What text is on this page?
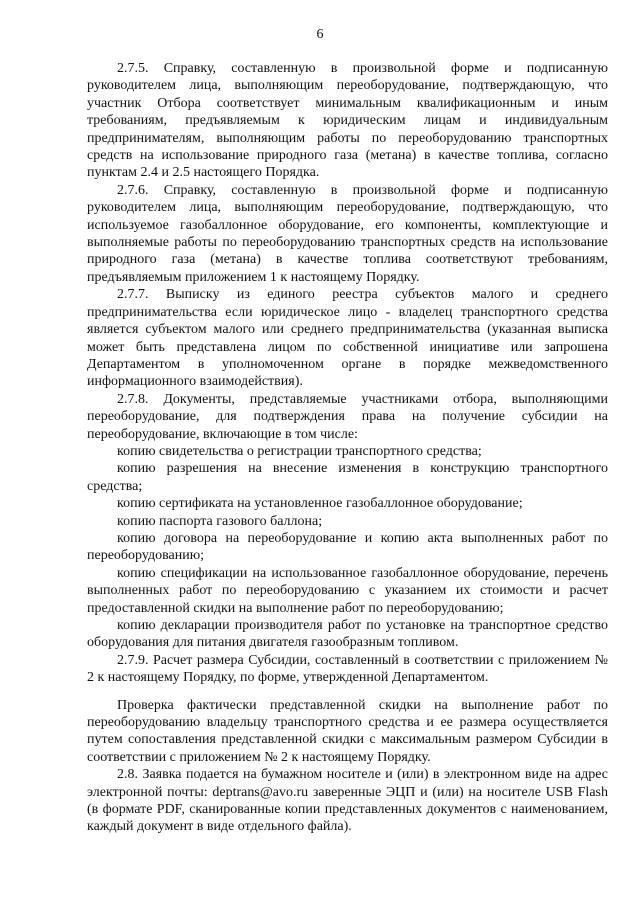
6

2.7.5. Справку, составленную в произвольной форме и подписанную руководителем лица, выполняющим переоборудование, подтверждающую, что участник Отбора соответствует минимальным квалификационным и иным требованиям, предъявляемым к юридическим лицам и индивидуальным предпринимателям, выполняющим работы по переоборудованию транспортных средств на использование природного газа (метана) в качестве топлива, согласно пунктам 2.4 и 2.5 настоящего Порядка.

2.7.6. Справку, составленную в произвольной форме и подписанную руководителем лица, выполняющим переоборудование, подтверждающую, что используемое газобаллонное оборудование, его компоненты, комплектующие и выполняемые работы по переоборудованию транспортных средств на использование природного газа (метана) в качестве топлива соответствуют требованиям, предъявляемым приложением 1 к настоящему Порядку.

2.7.7. Выписку из единого реестра субъектов малого и среднего предпринимательства если юридическое лицо - владелец транспортного средства является субъектом малого или среднего предпринимательства (указанная выписка может быть представлена лицом по собственной инициативе или запрошена Департаментом в уполномоченном органе в порядке межведомственного информационного взаимодействия).

2.7.8. Документы, представляемые участниками отбора, выполняющими переоборудование, для подтверждения права на получение субсидии на переоборудование, включающие в том числе:

копию свидетельства о регистрации транспортного средства;

копию разрешения на внесение изменения в конструкцию транспортного средства;

копию сертификата на установленное газобаллонное оборудование;

копию паспорта газового баллона;

копию договора на переоборудование и копию акта выполненных работ по переоборудованию;

копию спецификации на использованное газобаллонное оборудование, перечень выполненных работ по переоборудованию с указанием их стоимости и расчет предоставленной скидки на выполнение работ по переоборудованию;

копию декларации производителя работ по установке на транспортное средство оборудования для питания двигателя газообразным топливом.

2.7.9. Расчет размера Субсидии, составленный в соответствии с приложением № 2 к настоящему Порядку, по форме, утвержденной Департаментом.

Проверка фактически представленной скидки на выполнение работ по переоборудованию владельцу транспортного средства и ее размера осуществляется путем сопоставления представленной скидки с максимальным размером Субсидии в соответствии с приложением № 2 к настоящему Порядку.

2.8. Заявка подается на бумажном носителе и (или) в электронном виде на адрес электронной почты: deptrans@avo.ru заверенные ЭЦП и (или) на носителе USB Flash (в формате PDF, сканированные копии представленных документов с наименованием, каждый документ в виде отдельного файла).
